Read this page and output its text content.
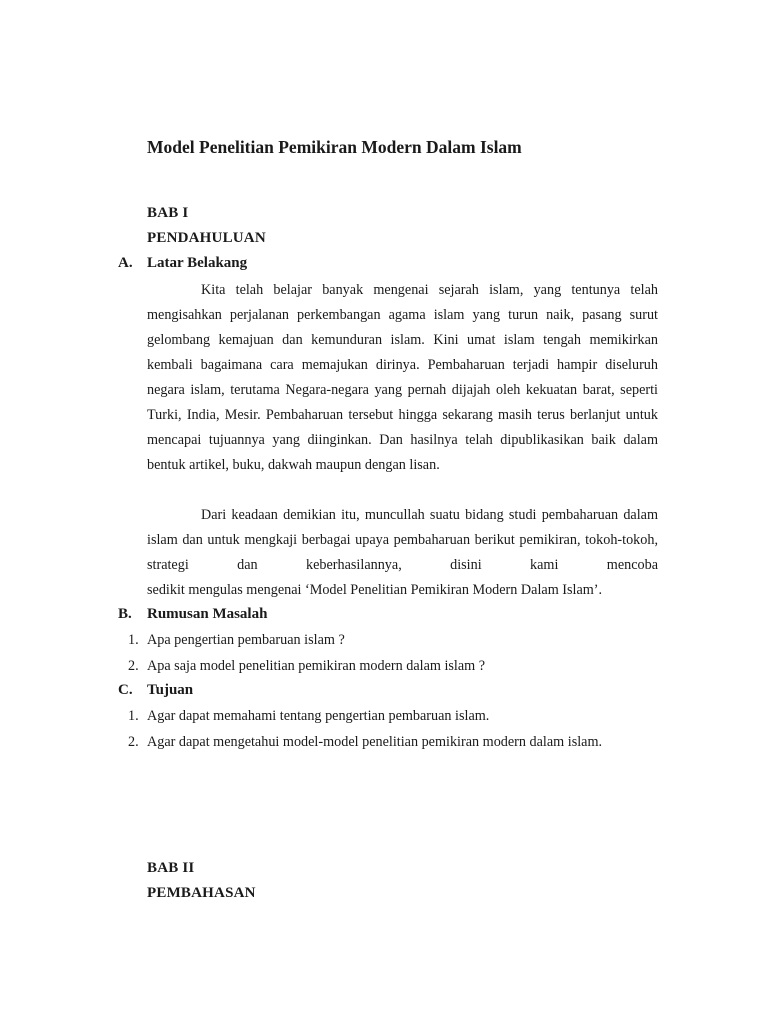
Model Penelitian Pemikiran Modern Dalam Islam

BAB I

PENDAHULUAN

A. Latar Belakang

Kita telah belajar banyak mengenai sejarah islam, yang tentunya telah mengisahkan perjalanan perkembangan agama islam yang turun naik, pasang surut gelombang kemajuan dan kemunduran islam. Kini umat islam tengah memikirkan kembali bagaimana cara memajukan dirinya. Pembaharuan terjadi hampir diseluruh negara islam, terutama Negara-negara yang pernah dijajah oleh kekuatan barat, seperti Turki, India, Mesir. Pembaharuan tersebut hingga sekarang masih terus berlanjut untuk mencapai tujuannya yang diinginkan. Dan hasilnya telah dipublikasikan baik dalam bentuk artikel, buku, dakwah maupun dengan lisan.

Dari keadaan demikian itu, muncullah suatu bidang studi pembaharuan dalam islam dan untuk mengkaji berbagai upaya pembaharuan berikut pemikiran, tokoh-tokoh, strategi dan keberhasilannya, disini kami mencoba

sedikit mengulas mengenai ‘Model Penelitian Pemikiran Modern Dalam Islam’.

B. Rumusan Masalah

1. Apa pengertian pembaruan islam ?
2. Apa saja model penelitian pemikiran modern dalam islam ?

C. Tujuan

1. Agar dapat memahami tentang pengertian pembaruan islam.
2. Agar dapat mengetahui model-model penelitian pemikiran modern dalam islam.

BAB II

PEMBAHASAN
